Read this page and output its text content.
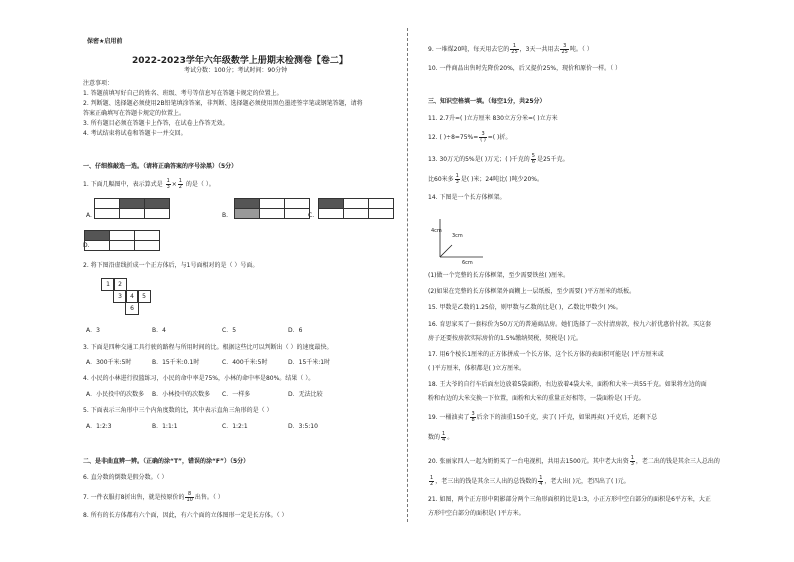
保密★启用前
2022-2023学年六年级数学上册期末检测卷【卷二】
考试分数：100分；考试时间：90分钟
注意事项：
1. 答题前填写好自己的姓名、班级、考号等信息写在答题卡规定的位置上。
2. 判断题、选择题必须使用2B铅笔填涂答案，非判断、选择题必须使用黑色墨迹签字笔或钢笔答题，请将
答案正确填写在答题卡规定的位置上。
3. 所有题目必须在答题卡上作答，在试卷上作答无效。
4. 考试结束将试卷和答题卡一并交回。
一、仔细推敲选一选。（请将正确答案的序号涂黑）（5分）
1. 下面几幅图中，表示算式是 $\frac{1}{3} \times \frac{1}{2}$ 的是（ ）。
A.

			B.

			C.

D.

2. 将下图沿虚线折成一个正方体后，与1号面相对的是（ ）号面。
1	2
3	4	5
6
A．3	B．4	C．5	D．6
3. 下面是四种交通工具行驶的路程与所用时间的比。根据这些比可以判断出（ ）的速度最快。
A．300千米:5时	B．15千米:0.1时	C．400千米:5时	D．15千米:1时
4. 小民的小林进行投篮练习，小民的命中率是75%，小林的命中率是80%。结果（ ）。
A．小民投中的次数多 B．小林投中的次数多 C．一样多	D．无法比较
5. 下面表示三角形中三个内角度数的比，其中表示直角三角形的是（ ）
A．1:2:3	B．1:1:1	C．1:2:1	D．3:5:10
二、是非曲直辨一辨。（正确的涂“T”，错误的涂“F”）（5分）
6. 直分数的倒数是假分数。（ ）
7. 一件衣服打8折出售，就是按原价的 $\frac{8}{10}$ 出售。（ ）
8. 所有的长方体都有六个面，因此，有六个面的立体图形一定是长方体。（ ）
9. 一堆煤20吨，每天用去它的 $\frac{1}{25}$ ，3天一共用去 $\frac{3}{25}$ 吨。（ ）
10. 一件商品出售时先降价20%，后又提价25%，现价和原价一样。（ ）
三、知识空格填一填。（每空1分，共25分）
11. 2.7升=( )立方厘米 830立方分米=( )立方米
12. ( )$\div 8=75\%= \frac{3}{( )}$ =( )折。
13. 30万元的5%是( )万元；( )千克的 $\frac{5}{6}$ 是25千克。
比60米多 $\frac{1}{3}$ 是( )米；24吨比( )吨少20%。
14. 下图是一个长方体框架。
4cm
3cm
6cm
(1)做一个完整的长方体框架，至少需要铁丝( )厘米。
(2)如果在完整的长方体框架外面糊上一层纸板，至少需要( )平方厘米的纸板。
15. 甲数是乙数的1.25倍，则甲数与乙数的比是( )，乙数比甲数少( )%。
16. 育思家买了一套标价为50万元的普通商品房。她们选择了一次付清房款，按九六折优惠价付款。买这套
房子还要按房款实际房价的1.5%缴纳契税，契税是( )元。
17. 用6个棱长1厘米的正方体拼成一个长方体，这个长方体的表面积可能是( )平方厘米或
( )平方厘米，体积都是( )立方厘米。
18. 王大爷的自行车后面左边放着5袋面粉，右边放着4袋大米，面粉和大米一共55千克。如果将左边的面
粉和右边的大米交换一下位置，面粉和大米的重量正好相等，一袋面粉是( )千克。
19. 一桶油卖了 $\frac{3}{8}$ 后余下的油重150千克，卖了( )千克，如果再卖( )千克后，还剩下总
数的 $\frac{1}{4}$ 。
20. 张丽家四人一起为奶奶买了一台电视机，共用去1500元。其中老大出资 $\frac{1}{3}$ ，老二出的钱是其余三人总出的
$\frac{1}{2}$ ，老三出的钱是其余三人出的总钱数的 $\frac{1}{4}$ ，老大出( )元，老四出了( )元。
21. 如图，两个正方形中阴影部分两个三角形面积的比是1:3，小正方形中空白部分的面积是6平方米，大正
方形中空白部分的面积是( )平方米。
